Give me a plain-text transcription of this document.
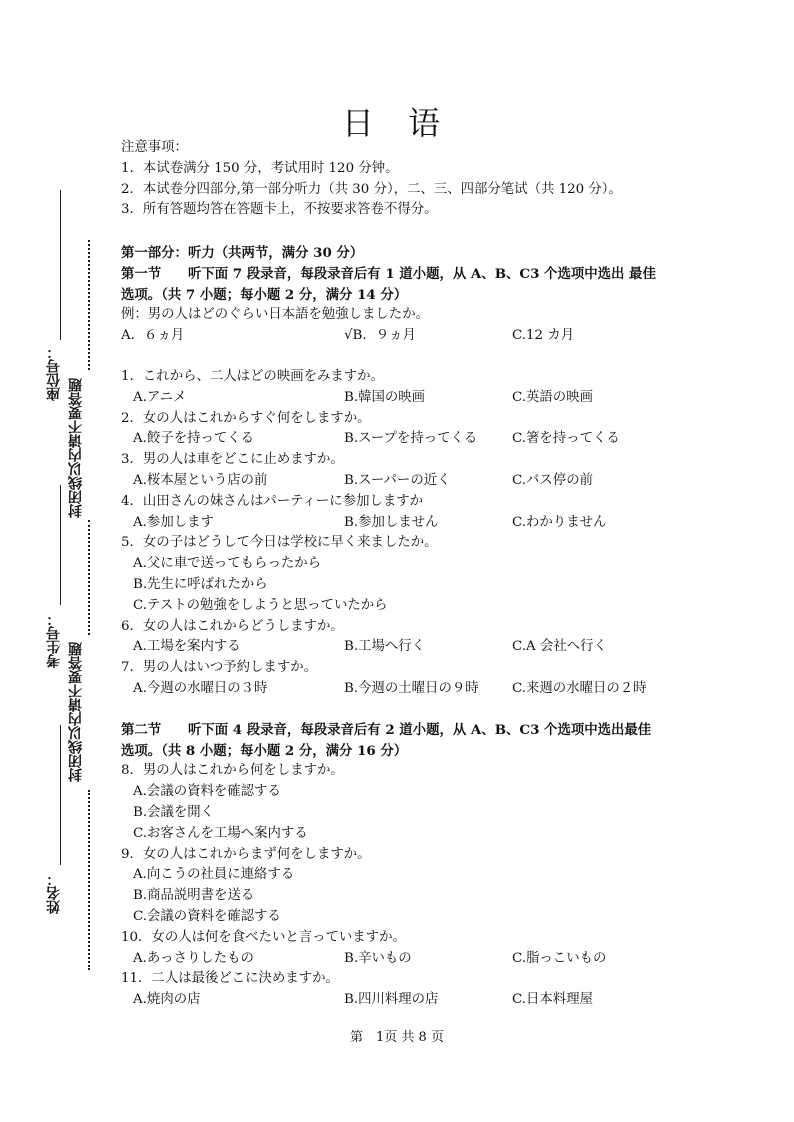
座位号：
封闭线以内请不要答题
考生号：
封闭线以内请不要答题
姓名：
日 语
注意事项：
1．本试卷满分 150 分，考试用时 120 分钟。
2．本试卷分四部分,第一部分听力（共 30 分），二、三、四部分笔试（共 120 分）。
3．所有答题均答在答题卡上，不按要求答卷不得分。
第一部分：听力（共两节，满分 30 分）
第一节　　听下面 7 段录音，每段录音后有 1 道小题，从 A、B、C3 个选项中选出 最佳
选项。（共 7 小题；每小题 2 分，满分 14 分）
例：男の人はどのぐらい日本語を勉強しましたか。
A．６ヵ月	√B．９ヵ月	C.12 カ月
1．これから、二人はどの映画をみますか。
A.アニメ	B.韓国の映画	C.英語の映画
2．女の人はこれからすぐ何をしますか。
A.餃子を持ってくる	B.スープを持ってくる	C.箸を持ってくる
3．男の人は車をどこに止めますか。
A.桜本屋という店の前	B.スーパーの近く	C.バス停の前
4．山田さんの妹さんはパーティーに参加しますか
A.参加します	B.参加しません	C.わかりません
5．女の子はどうして今日は学校に早く来ましたか。
A.父に車で送ってもらったから
B.先生に呼ばれたから
C.テストの勉強をしようと思っていたから
6．女の人はこれからどうしますか。
A.工場を案内する	B.工場へ行く	C.A 会社へ行く
7．男の人はいつ予約しますか。
A.今週の水曜日の３時	B.今週の土曜日の９時	C.来週の水曜日の２時
第二节　　听下面 4 段录音，每段录音后有 2 道小题，从 A、B、C3 个选项中选出最佳
选项。（共 8 小题；每小题 2 分，满分 16 分）
8．男の人はこれから何をしますか。
A.会議の資料を確認する
B.会議を開く
C.お客さんを工場へ案内する
9．女の人はこれからまず何をしますか。
A.向こうの社員に連絡する
B.商品説明書を送る
C.会議の資料を確認する
10．女の人は何を食べたいと言っていますか。
A.あっさりしたもの	B.辛いもの	C.脂っこいもの
11．二人は最後どこに決めますか。
A.焼肉の店	B.四川料理の店	C.日本料理屋
第　1页 共 8 页
